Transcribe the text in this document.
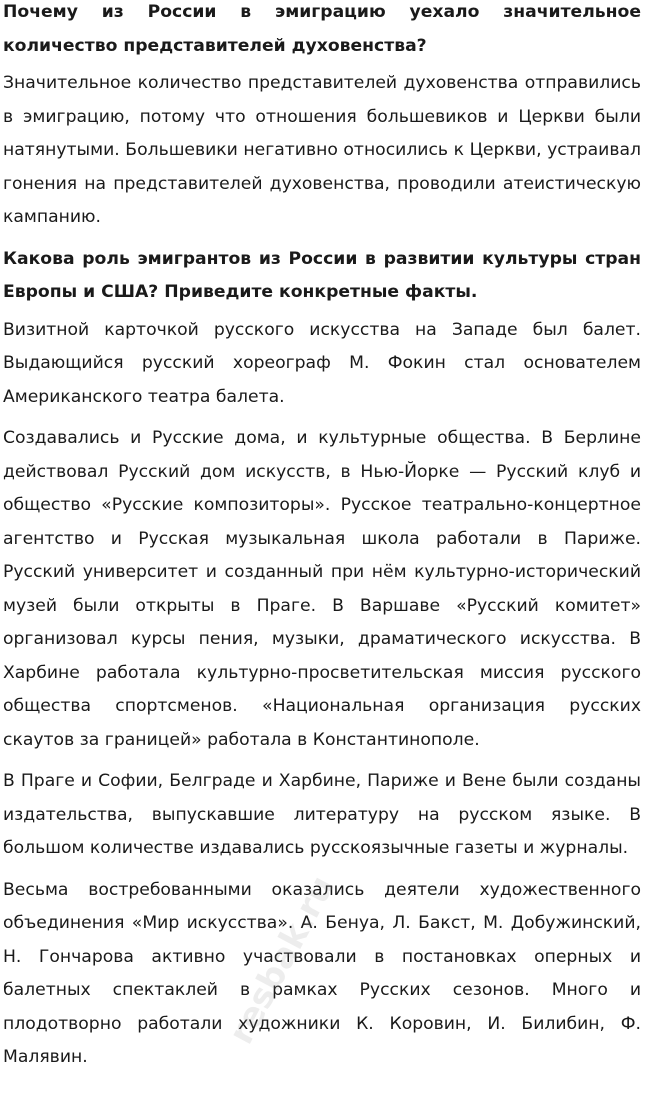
Почему из России в эмиграцию уехало значительное количество представителей духовенства?
Значительное количество представителей духовенства отправились в эмиграцию, потому что отношения большевиков и Церкви были натянутыми. Большевики негативно относились к Церкви, устраивал гонения на представителей духовенства, проводили атеистическую кампанию.
Какова роль эмигрантов из России в развитии культуры стран Европы и США? Приведите конкретные факты.
Визитной карточкой русского искусства на Западе был балет. Выдающийся русский хореограф М. Фокин стал основателем Американского театра балета.
Создавались и Русские дома, и культурные общества. В Берлине действовал Русский дом искусств, в Нью-Йорке — Русский клуб и общество «Русские композиторы». Русское театрально-концертное агентство и Русская музыкальная школа работали в Париже. Русский университет и созданный при нём культурно-исторический музей были открыты в Праге. В Варшаве «Русский комитет» организовал курсы пения, музыки, драматического искусства. В Харбине работала культурно-просветительская миссия русского общества спортсменов. «Национальная организация русских скаутов за границей» работала в Константинополе.
В Праге и Софии, Белграде и Харбине, Париже и Вене были созданы издательства, выпускавшие литературу на русском языке. В большом количестве издавались русскоязычные газеты и журналы.
Весьма востребованными оказались деятели художественного объединения «Мир искусства». А. Бенуа, Л. Бакст, М. Добужинский, Н. Гончарова активно участвовали в постановках оперных и балетных спектаклей в рамках Русских сезонов. Много и плодотворно работали художники К. Коровин, И. Билибин, Ф. Малявин.
resbak.ru
